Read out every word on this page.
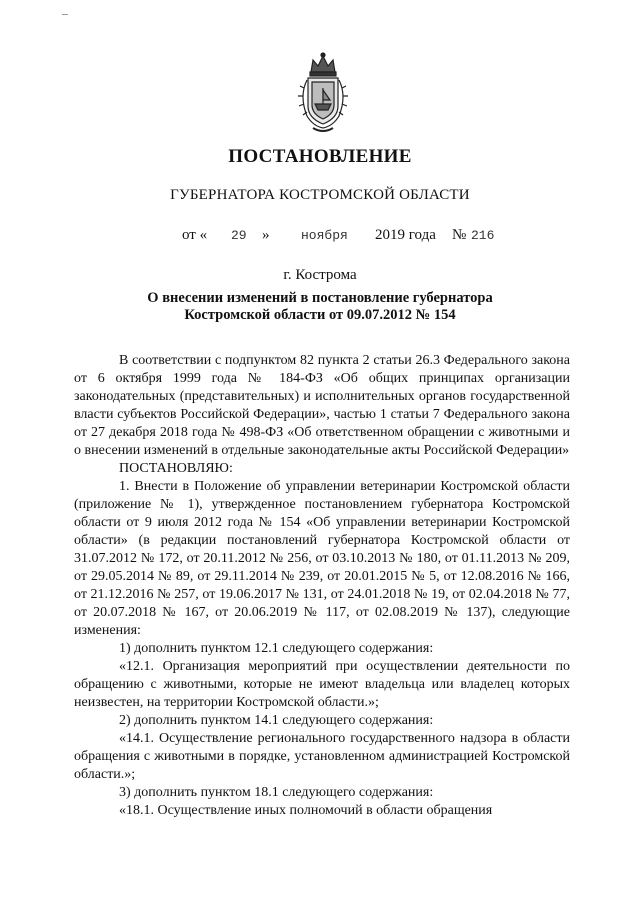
ПОСТАНОВЛЕНИЕ
ГУБЕРНАТОРА КОСТРОМСКОЙ ОБЛАСТИ
от « 29 » ноября 2019 года № 216
г. Кострома
О внесении изменений в постановление губернатора
Костромской области от 09.07.2012 № 154

В соответствии с подпунктом 82 пункта 2 статьи 26.3 Федерального закона от 6 октября 1999 года № 184-ФЗ «Об общих принципах организации законодательных (представительных) и исполнительных органов государственной власти субъектов Российской Федерации», частью 1 статьи 7 Федерального закона от 27 декабря 2018 года № 498-ФЗ «Об ответственном обращении с животными и о внесении изменений в отдельные законодательные акты Российской Федерации»

ПОСТАНОВЛЯЮ:

1. Внести в Положение об управлении ветеринарии Костромской области (приложение № 1), утвержденное постановлением губернатора Костромской области от 9 июля 2012 года № 154 «Об управлении ветеринарии Костромской области» (в редакции постановлений губернатора Костромской области от 31.07.2012 № 172, от 20.11.2012 № 256, от 03.10.2013 № 180, от 01.11.2013 № 209, от 29.05.2014 № 89, от 29.11.2014 № 239, от 20.01.2015 № 5, от 12.08.2016 № 166, от 21.12.2016 № 257, от 19.06.2017 № 131, от 24.01.2018 № 19, от 02.04.2018 № 77, от 20.07.2018 № 167, от 20.06.2019 № 117, от 02.08.2019 № 137), следующие изменения:

1) дополнить пунктом 12.1 следующего содержания:

«12.1. Организация мероприятий при осуществлении деятельности по обращению с животными, которые не имеют владельца или владелец которых неизвестен, на территории Костромской области.»;

2) дополнить пунктом 14.1 следующего содержания:

«14.1. Осуществление регионального государственного надзора в области обращения с животными в порядке, установленном администрацией Костромской области.»;

3) дополнить пунктом 18.1 следующего содержания:

«18.1. Осуществление иных полномочий в области обращения
